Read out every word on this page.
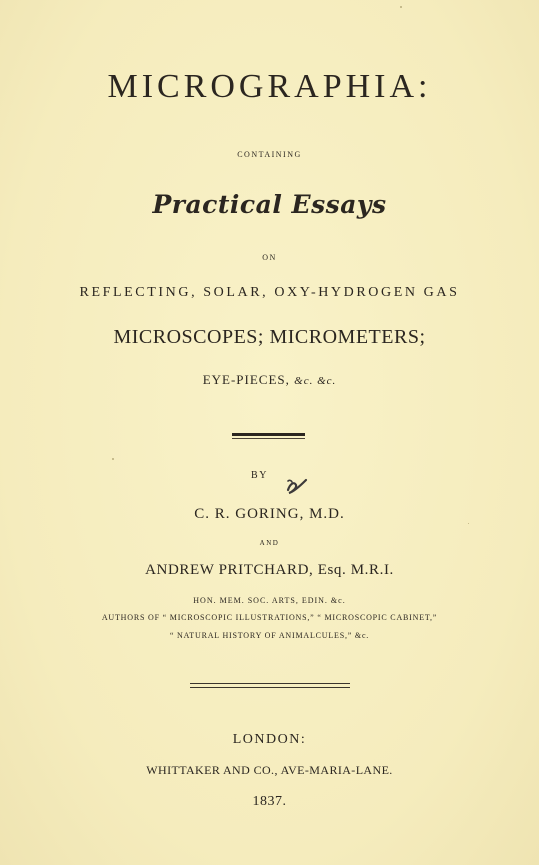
MICROGRAPHIA:
CONTAINING
Practical Essays
ON
REFLECTING, SOLAR, OXY-HYDROGEN GAS
MICROSCOPES; MICROMETERS;
EYE-PIECES, &c. &c.
BY
C. R. GORING, M.D.
AND
ANDREW PRITCHARD, Esq. M.R.I.
HON. MEM. SOC. ARTS, EDIN. &c.
AUTHORS OF “ MICROSCOPIC ILLUSTRATIONS,” “ MICROSCOPIC CABINET,”
“ NATURAL HISTORY OF ANIMALCULES,” &c.
LONDON:
WHITTAKER AND CO., AVE-MARIA-LANE.
1837.
